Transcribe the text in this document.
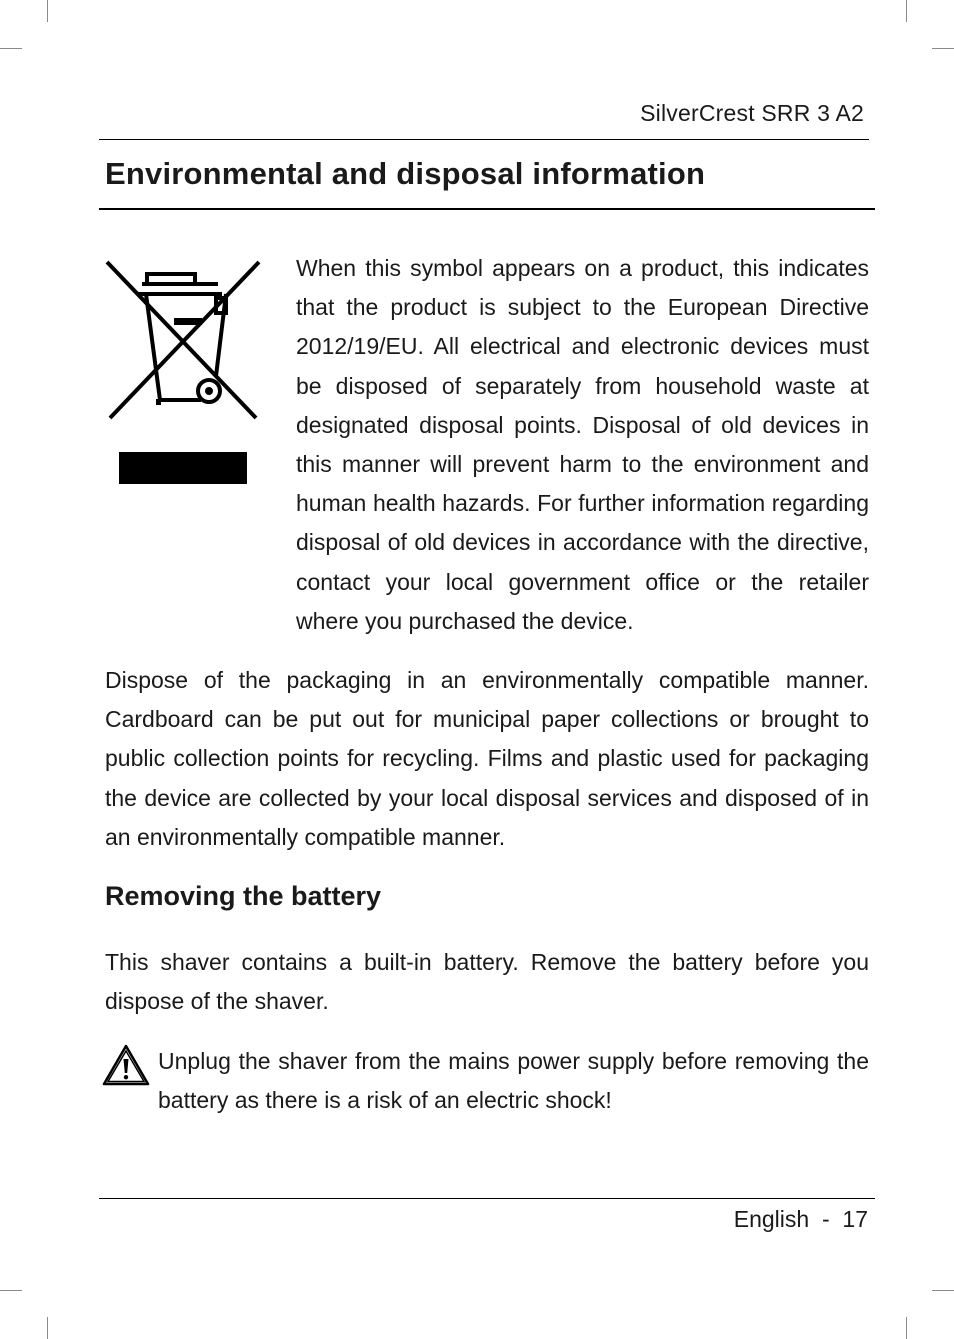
SilverCrest SRR 3 A2
Environmental and disposal information

When this symbol appears on a product, this indicates that the product is subject to the European Directive 2012/19/EU. All electrical and electronic devices must be disposed of separately from household waste at designated disposal points. Disposal of old devices in this manner will prevent harm to the environment and human health hazards. For further information regarding disposal of old devices in accordance with the directive, contact your local government office or the retailer where you purchased the device.

Dispose of the packaging in an environmentally compatible manner. Cardboard can be put out for municipal paper collections or brought to public collection points for recycling. Films and plastic used for packaging the device are collected by your local disposal services and disposed of in an environmentally compatible manner.

Removing the battery

This shaver contains a built-in battery. Remove the battery before you dispose of the shaver.

Unplug the shaver from the mains power supply before removing the battery as there is a risk of an electric shock!

English  -  17
